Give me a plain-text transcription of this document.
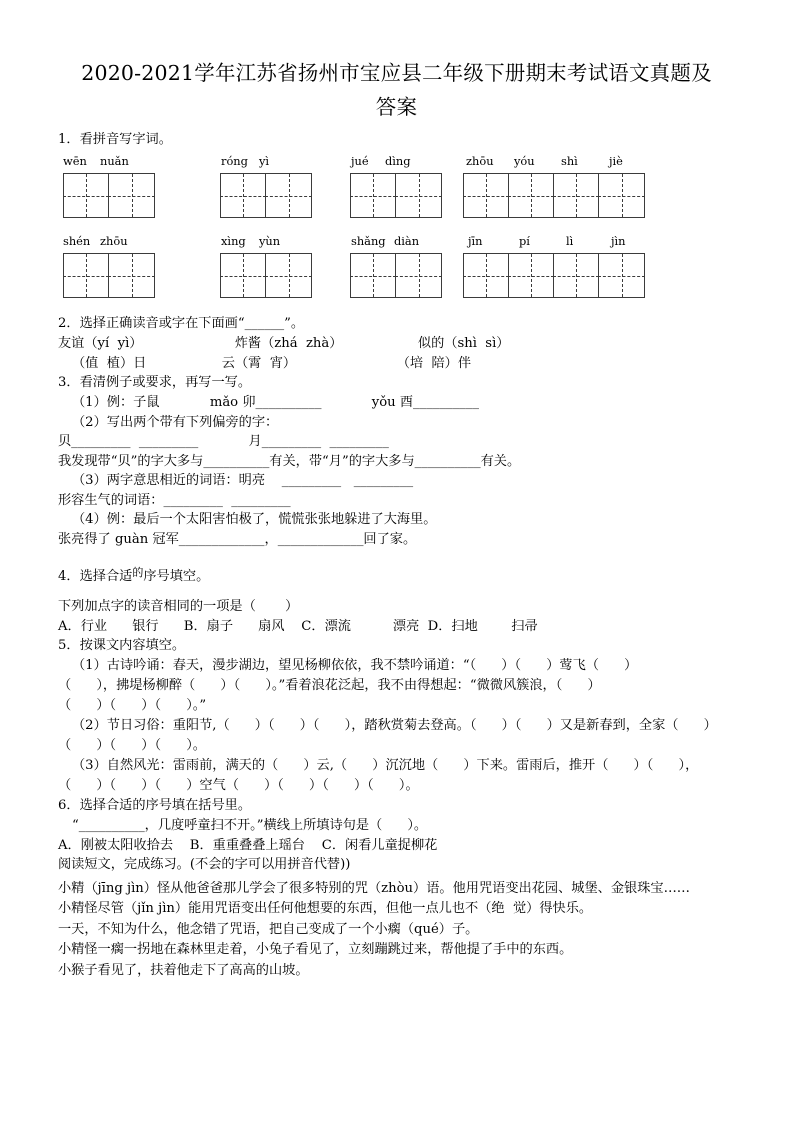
2020-2021学年江苏省扬州市宝应县二年级下册期末考试语文真题及
答案
1．看拼音写字词。

wēn

nuǎn

	róng

yì

	jué

dìng

	zhōu

yóu

shì

	jiè

shén

zhōu

	xìng

yùn

	shǎng

diàn

	jīn

	pí

	lì

	jìn

2．选择正确读音或字在下面画“______”。
友谊（yí  yì）                      炸酱（zhá  zhà）                  似的（shì  sì）
（值  植）日                  云（霄  宵）                        （培  陪）伴
3．看清例子或要求，再写一写。
（1）例：子鼠            mǎo 卯__________            yǒu 酉__________
（2）写出两个带有下列偏旁的字：
贝_________  _________            月_________  _________
我发现带“贝”的字大多与__________有关，带“月”的字大多与__________有关。
（3）两字意思相近的词语：明亮    _________   _________
形容生气的词语：_________  _________
（4）例：最后一个太阳害怕极了，慌慌张张地躲进了大海里。
张亮得了 guàn 冠军_____________，_____________回了家。
4．选择合适$^的$序号填空。
下列加点字的读音相同的一项是（       ）
A．行业      银行      B．扇子      扇风    C．漂流          漂亮  D．扫地        扫帚
5．按课文内容填空。
（1）古诗吟诵：春天，漫步湖边，望见杨柳依依，我不禁吟诵道：“（      ）（      ）莺飞（      ）
（      ），拂堤杨柳醉（      ）（      ）。”看着浪花泛起，我不由得想起：“微微风簇浪，（      ）
（      ）（      ）（      ）。”
（2）节日习俗：重阳节,（      ）（      ）（      ），踏秋赏菊去登高。（      ）（      ）又是新春到，全家（      ）
（      ）（      ）（      ）。
（3）自然风光：雷雨前，满天的（      ）云,（      ）沉沉地（      ）下来。雷雨后，推开（      ）（      ），
（      ）（      ）（      ）空气（      ）（      ）（      ）（      ）。
6．选择合适的序号填在括号里。
“__________，几度呼童扫不开。”横线上所填诗句是（      ）。
A．刚被太阳收拾去    B．重重叠叠上瑶台    C．闲看儿童捉柳花
阅读短文，完成练习。(不会的字可以用拼音代替))
小精（jīng jìn）怪从他爸爸那儿学会了很多特别的咒（zhòu）语。他用咒语变出花园、城堡、金银珠宝……
小精怪尽管（jǐn jìn）能用咒语变出任何他想要的东西，但他一点儿也不（绝  觉）得快乐。
一天，不知为什么，他念错了咒语，把自己变成了一个小瘸（qué）子。
小精怪一瘸一拐地在森林里走着，小兔子看见了，立刻蹦跳过来，帮他提了手中的东西。
小猴子看见了，扶着他走下了高高的山坡。
